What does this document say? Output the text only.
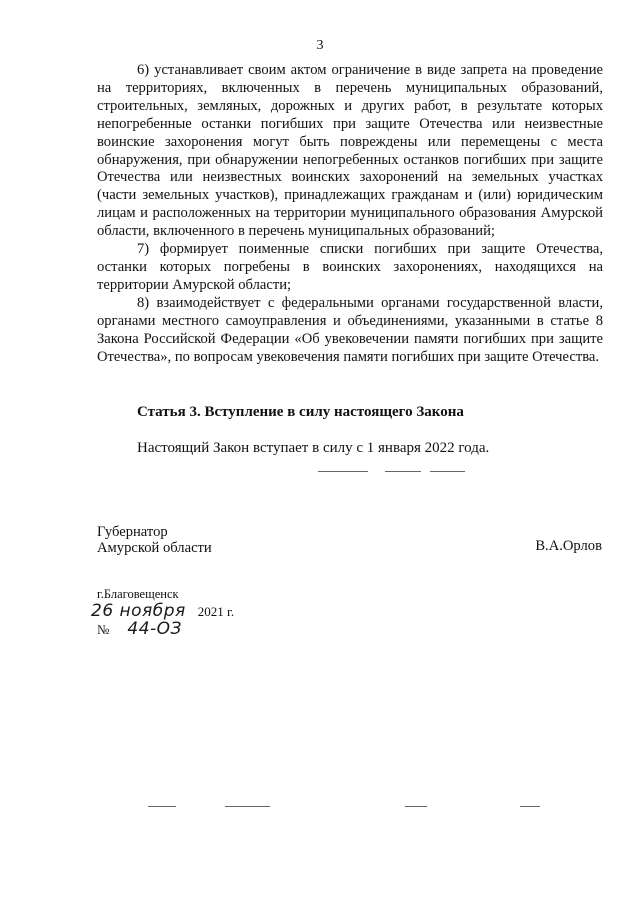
3

6) устанавливает своим актом ограничение в виде запрета на проведение на территориях, включенных в перечень муниципальных образований, строительных, земляных, дорожных и других работ, в результате которых непогребенные останки погибших при защите Отечества или неизвестные воинские захоронения могут быть повреждены или перемещены с места обнаружения, при обнаружении непогребенных останков погибших при защите Отечества или неизвестных воинских захоронений на земельных участках (части земельных участков), принадлежащих гражданам и (или) юридическим лицам и расположенных на территории муниципального образования Амурской области, включенного в перечень муниципальных образований;

7) формирует поименные списки погибших при защите Отечества, останки которых погребены в воинских захоронениях, находящихся на территории Амурской области;

8) взаимодействует с федеральными органами государственной власти, органами местного самоуправления и объединениями, указанными в статье 8 Закона Российской Федерации «Об увековечении памяти погибших при защите Отечества», по вопросам увековечения памяти погибших при защите Отечества.

Статья 3. Вступление в силу настоящего Закона
Настоящий Закон вступает в силу с 1 января 2022 года.
Губернатор
Амурской области	В.А.Орлов
г.Благовещенск
26 ноября 2021 г.
№ 44-ОЗ
